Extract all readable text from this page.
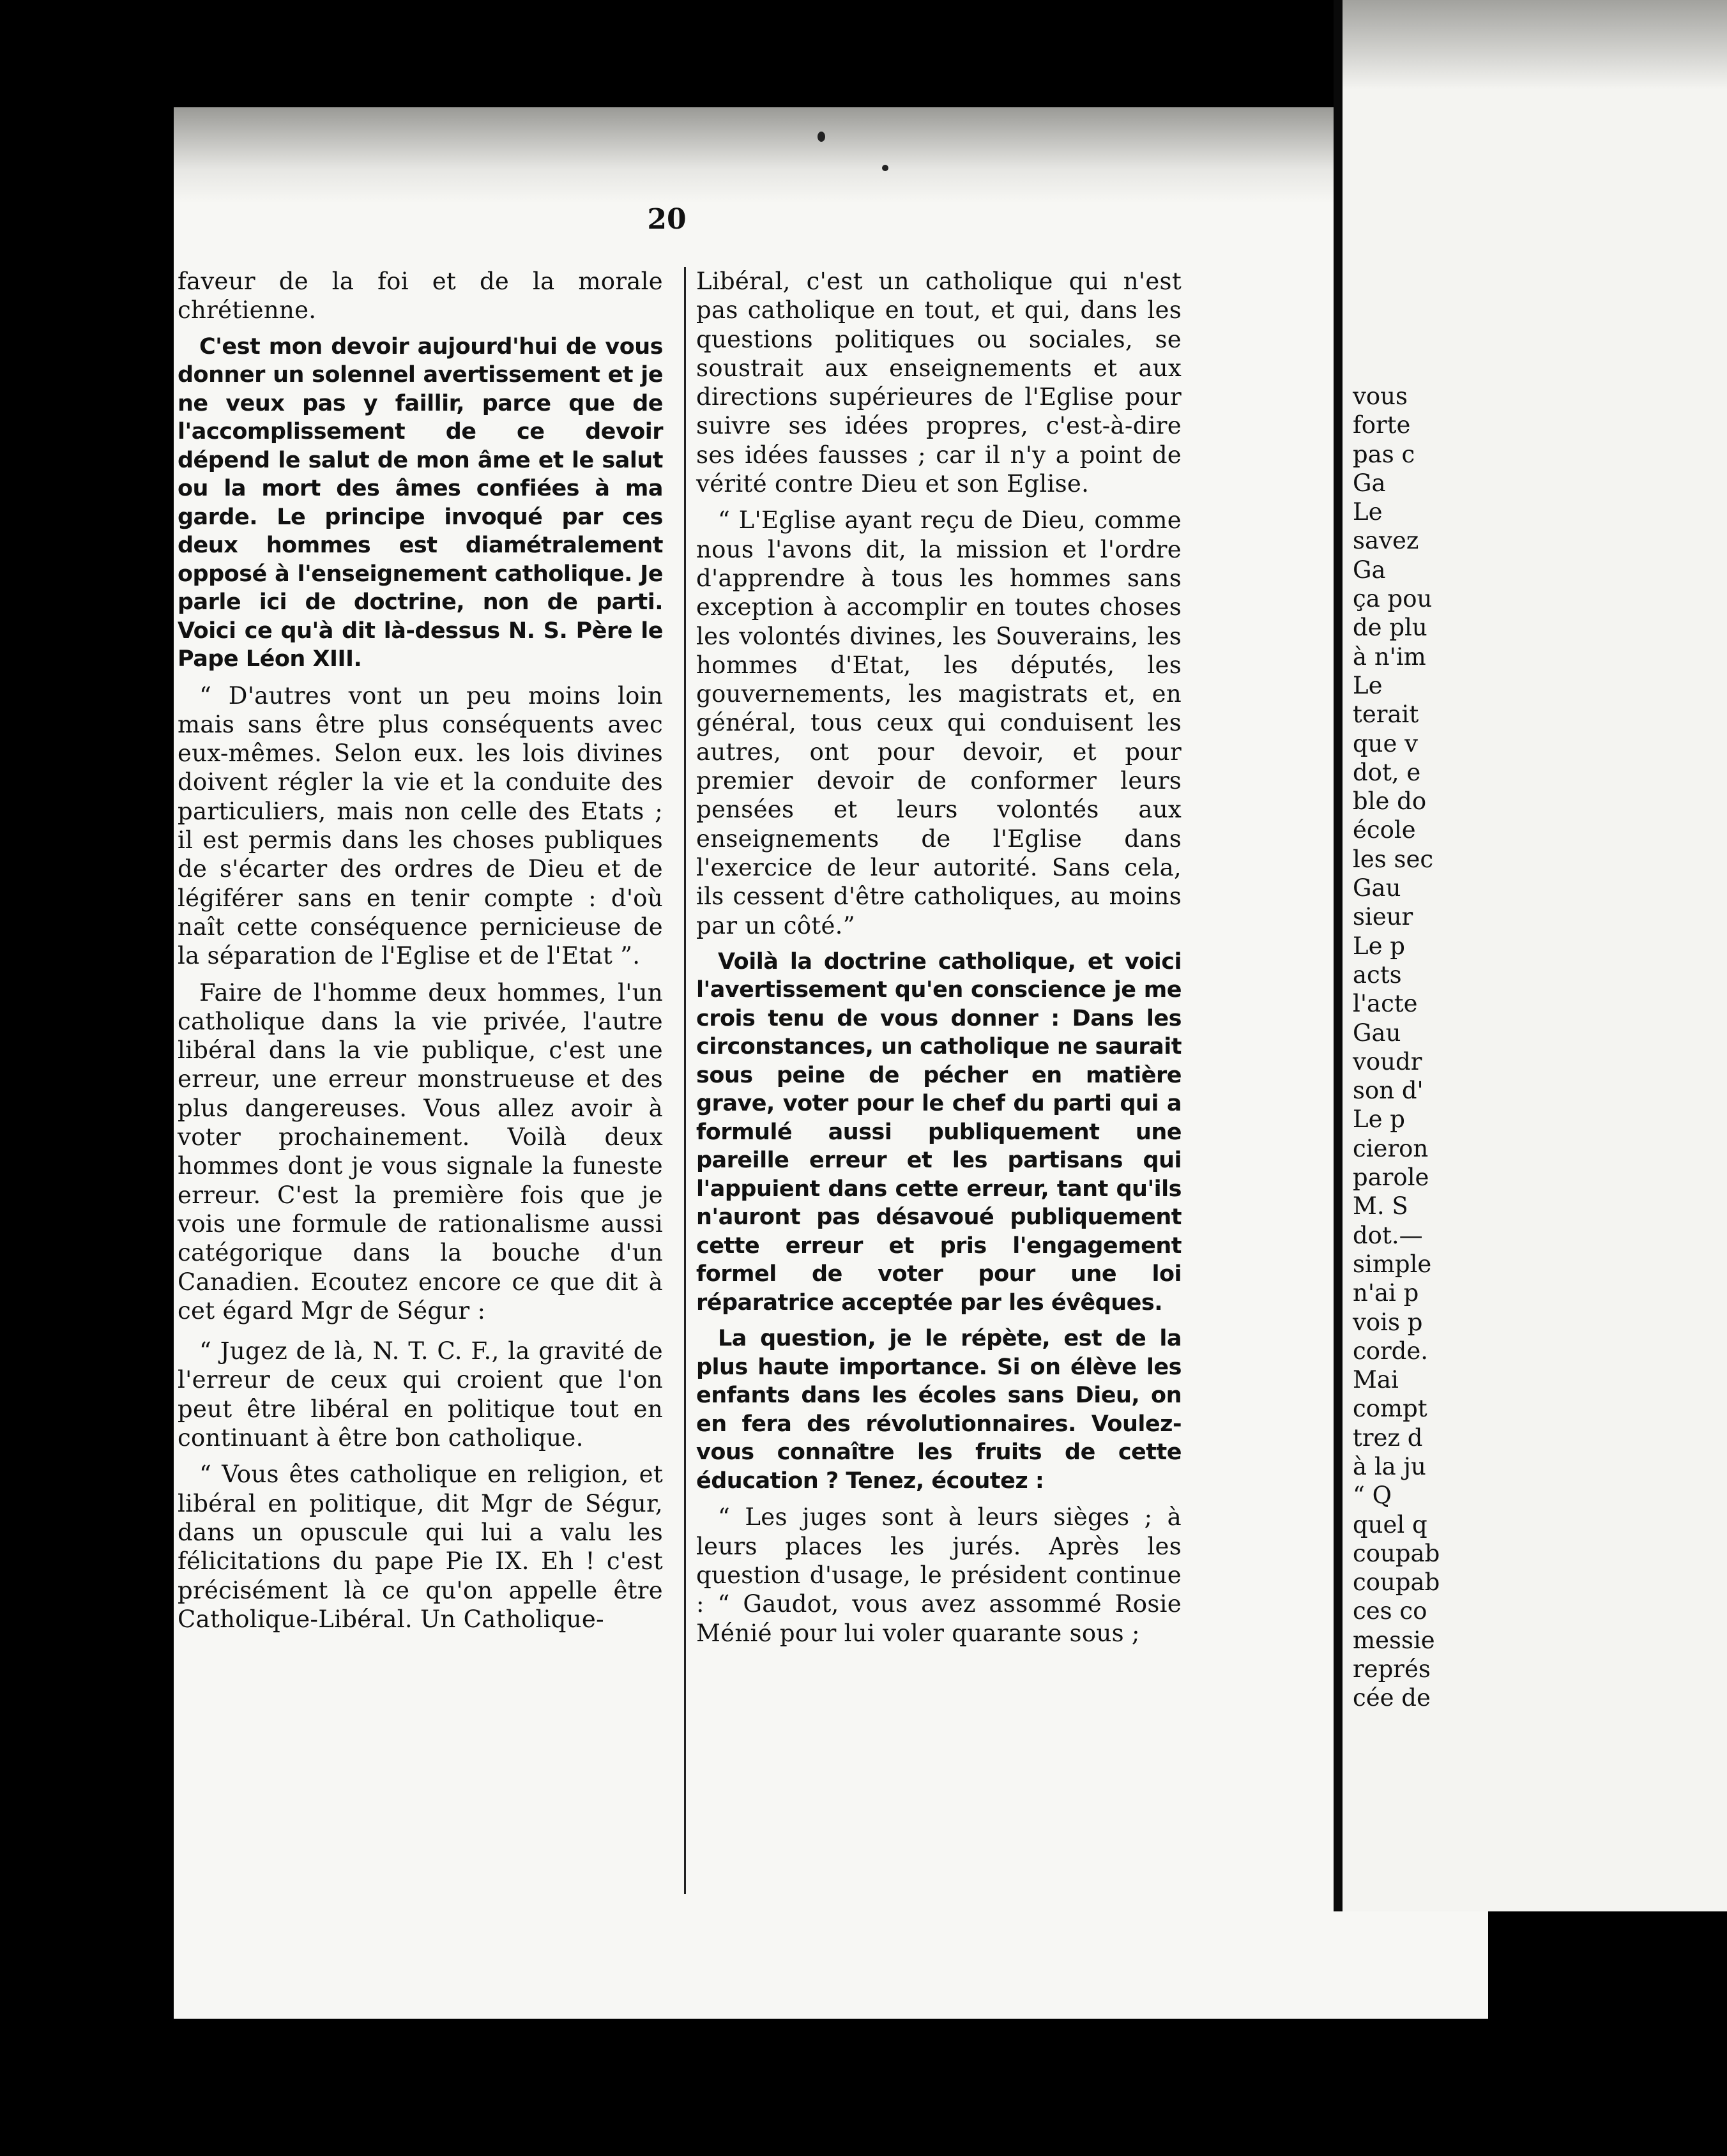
20

faveur de la foi et de la morale chrétienne.

C'est mon devoir aujourd'hui de vous donner un solennel avertissement et je ne veux pas y faillir, parce que de l'accomplissement de ce devoir dépend le salut de mon âme et le salut ou la mort des âmes confiées à ma garde. Le principe invoqué par ces deux hommes est diamétralement opposé à l'enseignement catholique. Je parle ici de doctrine, non de parti. Voici ce qu'à dit là-dessus N. S. Père le Pape Léon XIII.

“ D'autres vont un peu moins loin mais sans être plus conséquents avec eux-mêmes. Selon eux. les lois divines doivent régler la vie et la conduite des particuliers, mais non celle des Etats ; il est permis dans les choses publiques de s'écarter des ordres de Dieu et de légiférer sans en tenir compte : d'où naît cette conséquence pernicieuse de la séparation de l'Eglise et de l'Etat ”.

Faire de l'homme deux hommes, l'un catholique dans la vie privée, l'autre libéral dans la vie publique, c'est une erreur, une erreur monstrueuse et des plus dangereuses. Vous allez avoir à voter prochainement. Voilà deux hommes dont je vous signale la funeste erreur. C'est la première fois que je vois une formule de rationalisme aussi catégorique dans la bouche d'un Canadien. Ecoutez encore ce que dit à cet égard Mgr de Ségur :

“ Jugez de là, N. T. C. F., la gravité de l'erreur de ceux qui croient que l'on peut être libéral en politique tout en continuant à être bon catholique.

“ Vous êtes catholique en religion, et libéral en politique, dit Mgr de Ségur, dans un opuscule qui lui a valu les félicitations du pape Pie IX. Eh ! c'est précisément là ce qu'on appelle être Catholique-Libéral. Un Catholique-

Libéral, c'est un catholique qui n'est pas catholique en tout, et qui, dans les questions politiques ou sociales, se soustrait aux enseignements et aux directions supérieures de l'Eglise pour suivre ses idées propres, c'est-à-dire ses idées fausses ; car il n'y a point de vérité contre Dieu et son Eglise.

“ L'Eglise ayant reçu de Dieu, comme nous l'avons dit, la mission et l'ordre d'apprendre à tous les hommes sans exception à accomplir en toutes choses les volontés divines, les Souverains, les hommes d'Etat, les députés, les gouvernements, les magistrats et, en général, tous ceux qui conduisent les autres, ont pour devoir, et pour premier devoir de conformer leurs pensées et leurs volontés aux enseignements de l'Eglise dans l'exercice de leur autorité. Sans cela, ils cessent d'être catholiques, au moins par un côté.”

Voilà la doctrine catholique, et voici l'avertissement qu'en conscience je me crois tenu de vous donner : Dans les circonstances, un catholique ne saurait sous peine de pécher en matière grave, voter pour le chef du parti qui a formulé aussi publiquement une pareille erreur et les partisans qui l'appuient dans cette erreur, tant qu'ils n'auront pas désavoué publiquement cette erreur et pris l'engagement formel de voter pour une loi réparatrice acceptée par les évêques.

La question, je le répète, est de la plus haute importance. Si on élève les enfants dans les écoles sans Dieu, on en fera des révolutionnaires. Voulez-vous connaître les fruits de cette éducation ? Tenez, écoutez :

“ Les juges sont à leurs sièges ; à leurs places les jurés. Après les question d'usage, le président continue : “ Gaudot, vous avez assommé Rosie Ménié pour lui voler quarante sous ;

vous
forte
pas c
Ga
Le
savez
Ga
ça pou
de plu
à n'im
Le
terait
que v
dot, e
ble do
école
les sec
Gau
sieur
Le p
acts
l'acte
Gau
voudr
son d'
Le p
cieron
parole
M. S
dot.—
simple
n'ai p
vois p
corde.
Mai
compt
trez d
à la ju
“ Q
quel q
coupab
coupab
ces co
messie
représ
cée de
